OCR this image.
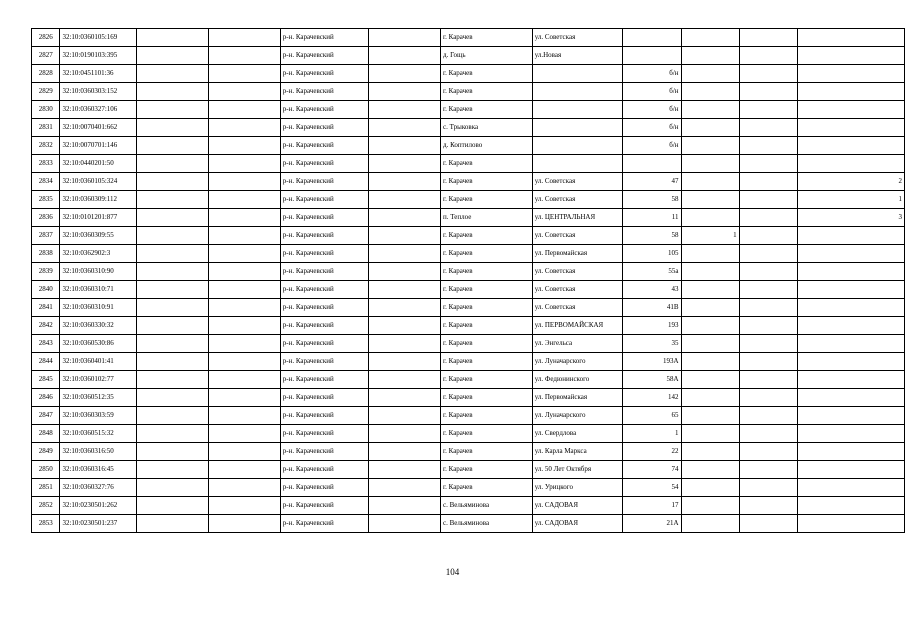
2826	32:10:0360105:169			р-н. Карачевский		г. Карачев	ул. Советская				
2827	32:10:0190103:395			р-н. Карачевский		д. Гощь	ул.Новая				
2828	32:10:0451101:36			р-н. Карачевский		г. Карачев		б/н			
2829	32:10:0360303:152			р-н. Карачевский		г. Карачев		б/н			
2830	32:10:0360327:106			р-н. Карачевский		г. Карачев		б/н			
2831	32:10:0070401:662			р-н. Карачевский		с. Трыковка		б/н			
2832	32:10:0070701:146			р-н. Карачевский		д. Коптилово		б/н			
2833	32:10:0440201:50			р-н. Карачевский		г. Карачев					
2834	32:10:0360105:324			р-н. Карачевский		г. Карачев	ул. Советская	47			2
2835	32:10:0360309:112			р-н. Карачевский		г. Карачев	ул. Советская	58			1
2836	32:10:0101201:877			р-н. Карачевский		п. Теплое	ул. ЦЕНТРАЛЬНАЯ	11			3
2837	32:10:0360309:55			р-н. Карачевский		г. Карачев	ул. Советская	58	1		
2838	32:10:0362902:3			р-н. Карачевский		г. Карачев	ул. Первомайская	105			
2839	32:10:0360310:90			р-н. Карачевский		г. Карачев	ул. Советская	55а			
2840	32:10:0360310:71			р-н. Карачевский		г. Карачев	ул. Советская	43			
2841	32:10:0360310:91			р-н. Карачевский		г. Карачев	ул. Советская	41В			
2842	32:10:0360330:32			р-н. Карачевский		г. Карачев	ул. ПЕРВОМАЙСКАЯ	193			
2843	32:10:0360530:86			р-н. Карачевский		г. Карачев	ул. Энгельса	35			
2844	32:10:0360401:41			р-н. Карачевский		г. Карачев	ул. Луначарского	193А			
2845	32:10:0360102:77			р-н. Карачевский		г. Карачев	ул. Федюнинского	58А			
2846	32:10:0360512:35			р-н. Карачевский		г. Карачев	ул. Первомайская	142			
2847	32:10:0360303:59			р-н. Карачевский		г. Карачев	ул. Луначарского	65			
2848	32:10:0360515:32			р-н. Карачевский		г. Карачев	ул. Свердлова	1			
2849	32:10:0360316:50			р-н. Карачевский		г. Карачев	ул. Карла Маркса	22			
2850	32:10:0360316:45			р-н. Карачевский		г. Карачев	ул. 50 Лет Октября	74			
2851	32:10:0360327:76			р-н. Карачевский		г. Карачев	ул. Урицкого	54			
2852	32:10:0230501:262			р-н. Карачевский		с. Вельяминова	ул. САДОВАЯ	17			
2853	32:10:0230501:237			р-н. Карачевский		с. Вельяминова	ул. САДОВАЯ	21А			
104
